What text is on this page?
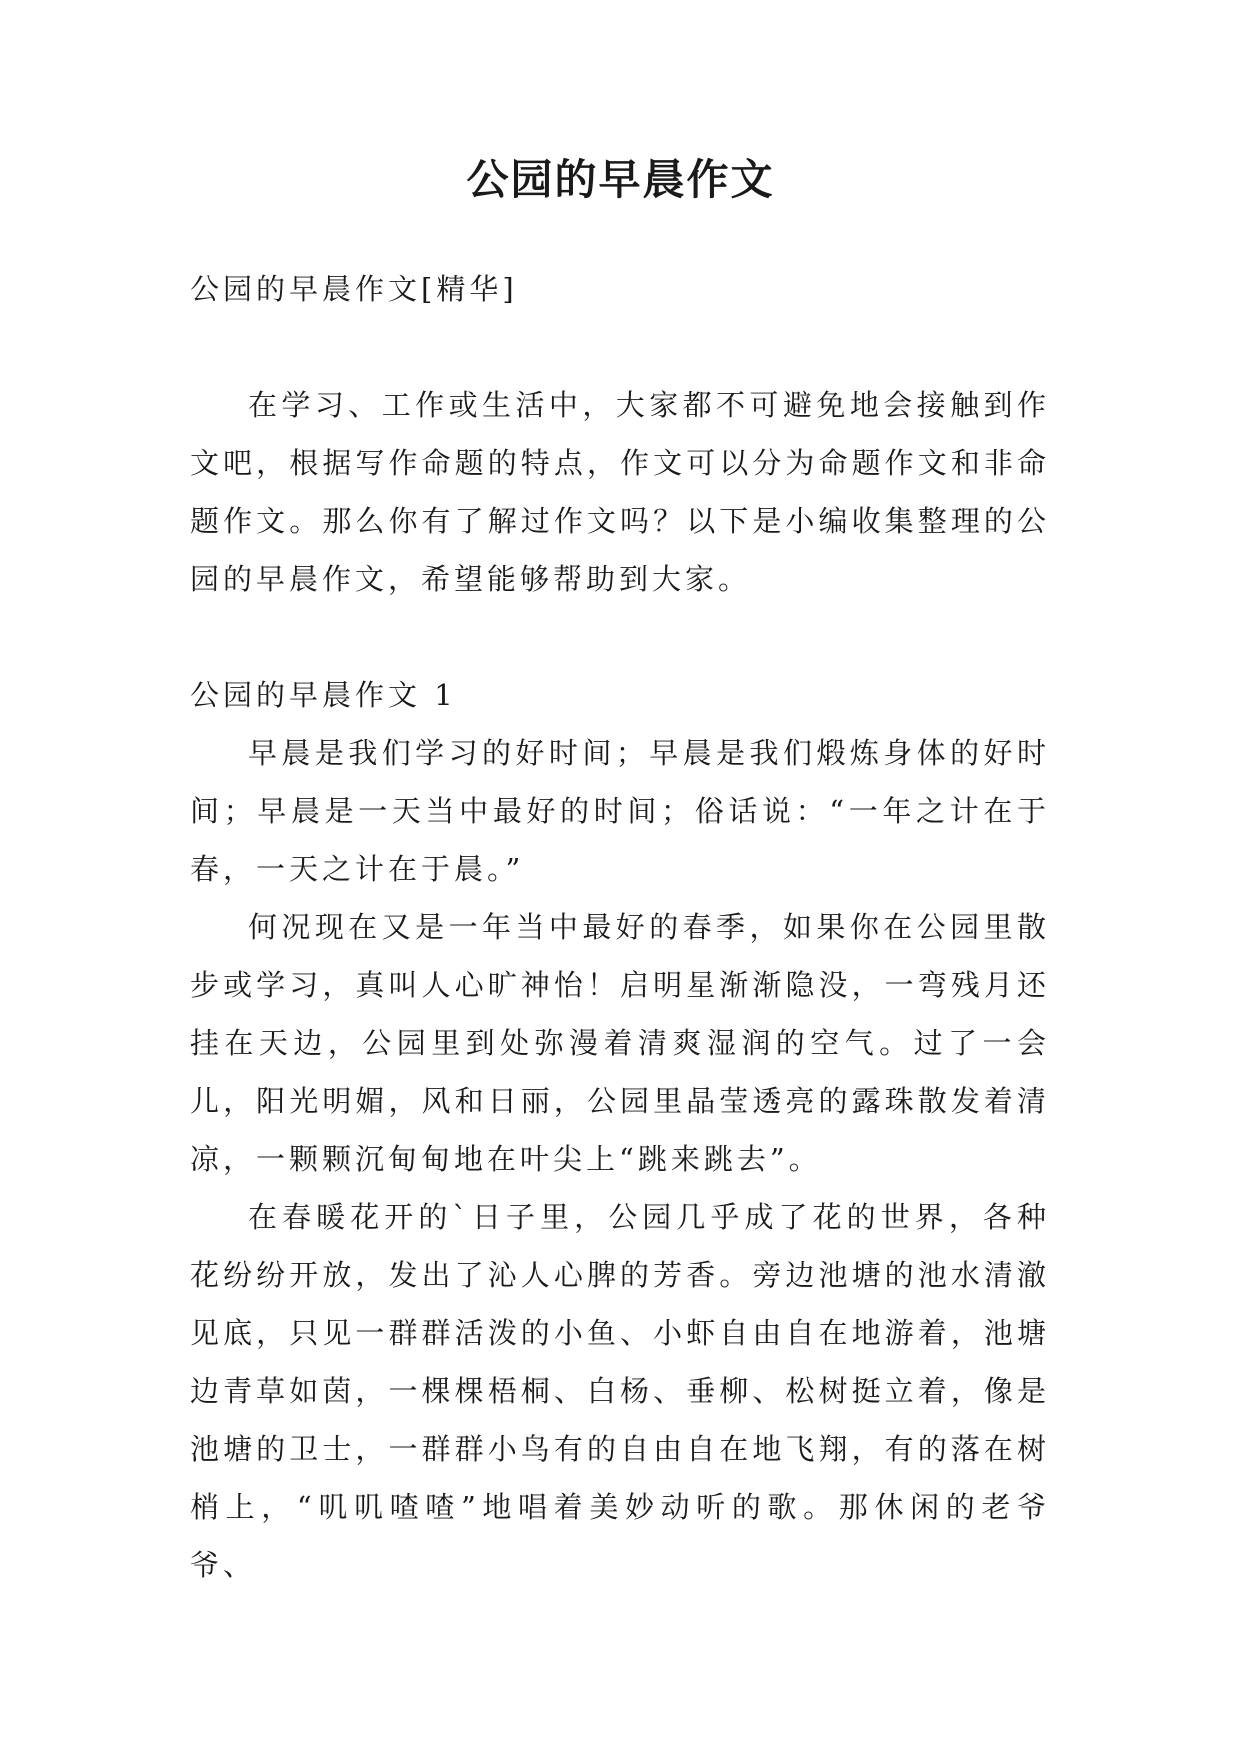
公园的早晨作文

公园的早晨作文[精华]

在学习、工作或生活中，大家都不可避免地会接触到作文吧，根据写作命题的特点，作文可以分为命题作文和非命题作文。那么你有了解过作文吗？以下是小编收集整理的公园的早晨作文，希望能够帮助到大家。

公园的早晨作文 1

早晨是我们学习的好时间；早晨是我们煅炼身体的好时间；早晨是一天当中最好的时间；俗话说：“一年之计在于春，一天之计在于晨。”

何况现在又是一年当中最好的春季，如果你在公园里散步或学习，真叫人心旷神怡！启明星渐渐隐没，一弯残月还挂在天边，公园里到处弥漫着清爽湿润的空气。过了一会儿，阳光明媚，风和日丽，公园里晶莹透亮的露珠散发着清凉，一颗颗沉甸甸地在叶尖上“跳来跳去”。

在春暖花开的`日子里，公园几乎成了花的世界，各种花纷纷开放，发出了沁人心脾的芳香。旁边池塘的池水清澈见底，只见一群群活泼的小鱼、小虾自由自在地游着，池塘边青草如茵，一棵棵梧桐、白杨、垂柳、松树挺立着，像是池塘的卫士，一群群小鸟有的自由自在地飞翔，有的落在树梢上，“叽叽喳喳”地唱着美妙动听的歌。那休闲的老爷爷、
